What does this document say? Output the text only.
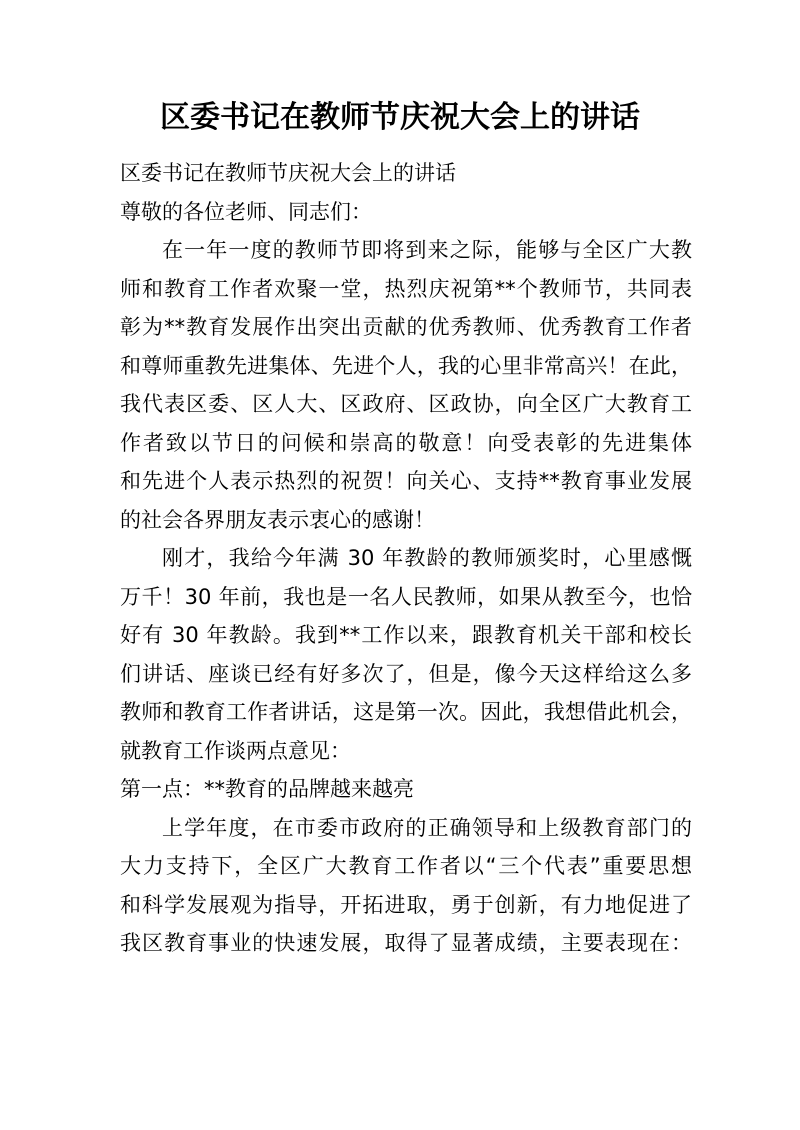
区委书记在教师节庆祝大会上的讲话
区委书记在教师节庆祝大会上的讲话
尊敬的各位老师、同志们：
在一年一度的教师节即将到来之际，能够与全区广大教
师和教育工作者欢聚一堂，热烈庆祝第**个教师节，共同表
彰为**教育发展作出突出贡献的优秀教师、优秀教育工作者
和尊师重教先进集体、先进个人，我的心里非常高兴！在此，
我代表区委、区人大、区政府、区政协，向全区广大教育工
作者致以节日的问候和崇高的敬意！向受表彰的先进集体
和先进个人表示热烈的祝贺！向关心、支持**教育事业发展
的社会各界朋友表示衷心的感谢！
刚才，我给今年满 30 年教龄的教师颁奖时，心里感慨
万千！30 年前，我也是一名人民教师，如果从教至今，也恰
好有 30 年教龄。我到**工作以来，跟教育机关干部和校长
们讲话、座谈已经有好多次了，但是，像今天这样给这么多
教师和教育工作者讲话，这是第一次。因此，我想借此机会，
就教育工作谈两点意见：
第一点：**教育的品牌越来越亮
上学年度，在市委市政府的正确领导和上级教育部门的
大力支持下，全区广大教育工作者以“三个代表”重要思想
和科学发展观为指导，开拓进取，勇于创新，有力地促进了
我区教育事业的快速发展，取得了显著成绩，主要表现在：
